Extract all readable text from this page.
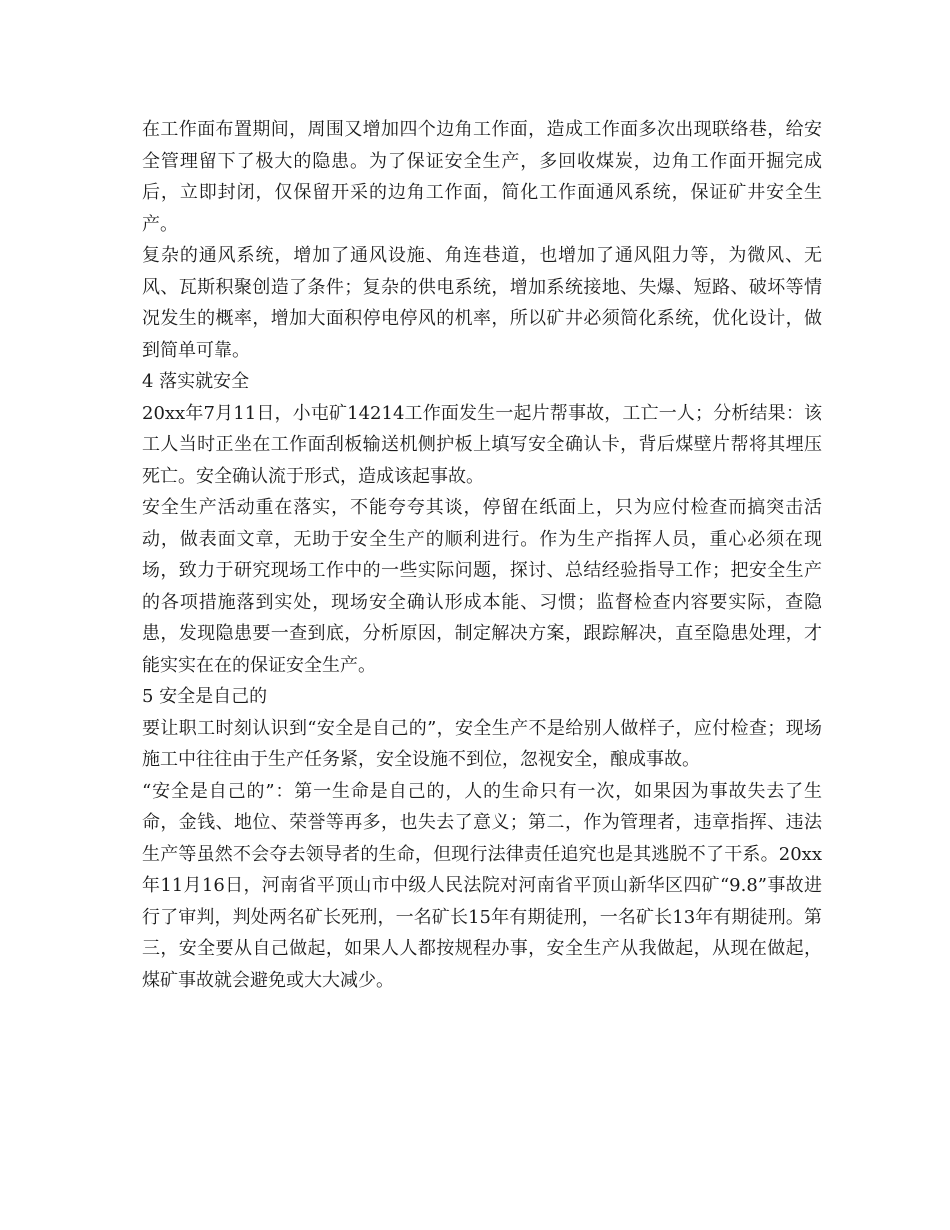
在工作面布置期间，周围又增加四个边角工作面，造成工作面多次出现联络巷，给安全管理留下了极大的隐患。为了保证安全生产，多回收煤炭，边角工作面开掘完成后，立即封闭，仅保留开采的边角工作面，简化工作面通风系统，保证矿井安全生产。

复杂的通风系统，增加了通风设施、角连巷道，也增加了通风阻力等，为微风、无风、瓦斯积聚创造了条件；复杂的供电系统，增加系统接地、失爆、短路、破坏等情况发生的概率，增加大面积停电停风的机率，所以矿井必须简化系统，优化设计，做到简单可靠。

4 落实就安全

20xx年7月11日，小屯矿14214工作面发生一起片帮事故，工亡一人；分析结果：该工人当时正坐在工作面刮板输送机侧护板上填写安全确认卡，背后煤壁片帮将其埋压死亡。安全确认流于形式，造成该起事故。

安全生产活动重在落实，不能夸夸其谈，停留在纸面上，只为应付检查而搞突击活动，做表面文章，无助于安全生产的顺利进行。作为生产指挥人员，重心必须在现场，致力于研究现场工作中的一些实际问题，探讨、总结经验指导工作；把安全生产的各项措施落到实处，现场安全确认形成本能、习惯；监督检查内容要实际，查隐患，发现隐患要一查到底，分析原因，制定解决方案，跟踪解决，直至隐患处理，才能实实在在的保证安全生产。

5 安全是自己的

要让职工时刻认识到“安全是自己的”，安全生产不是给别人做样子，应付检查；现场施工中往往由于生产任务紧，安全设施不到位，忽视安全，酿成事故。

“安全是自己的”：第一生命是自己的，人的生命只有一次，如果因为事故失去了生命，金钱、地位、荣誉等再多，也失去了意义；第二，作为管理者，违章指挥、违法生产等虽然不会夺去领导者的生命，但现行法律责任追究也是其逃脱不了干系。20xx年11月16日，河南省平顶山市中级人民法院对河南省平顶山新华区四矿“9.8”事故进行了审判，判处两名矿长死刑，一名矿长15年有期徒刑，一名矿长13年有期徒刑。第三，安全要从自己做起，如果人人都按规程办事，安全生产从我做起，从现在做起，煤矿事故就会避免或大大减少。
